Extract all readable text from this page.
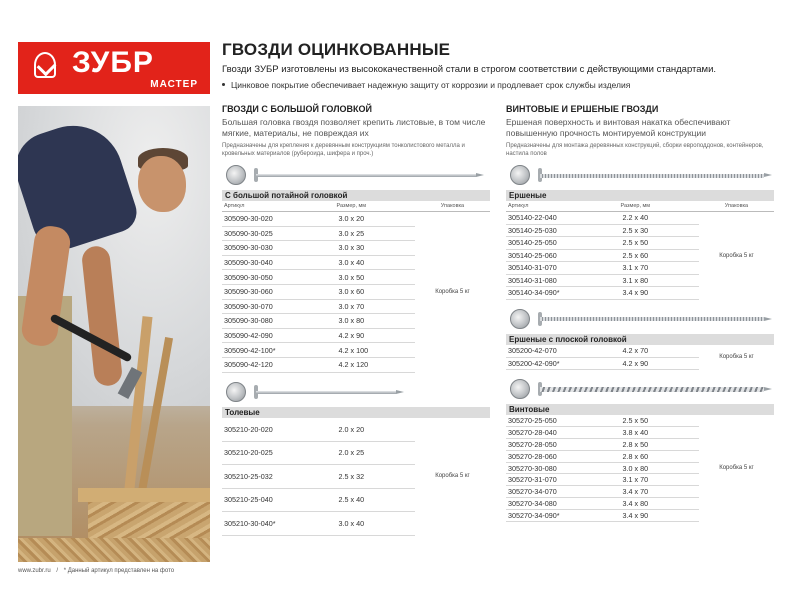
ЗУБР
МАСТЕР
ГВОЗДИ ОЦИНКОВАННЫЕ
Гвозди ЗУБР изготовлены из высококачественной стали в строгом соответствии с действующими стандартами.
Цинковое покрытие обеспечивает надежную защиту от коррозии и продлевает срок службы изделия
ГВОЗДИ С БОЛЬШОЙ ГОЛОВКОЙ
Большая головка гвоздя позволяет крепить листовые, в том числе мягкие, материалы, не повреждая их
Предназначены для крепления к деревянным конструкциям тонколистового металла и кровельных материалов (рубероида, шифера и проч.)
С большой потайной головкой
Артикул	Размер, мм	Упаковка
305090-30-020	3.0 x 20	Коробка 5 кг
305090-30-025	3.0 x 25	
305090-30-030	3.0 x 30	
305090-30-040	3.0 x 40	
305090-30-050	3.0 x 50	
305090-30-060	3.0 x 60	
305090-30-070	3.0 x 70	
305090-30-080	3.0 x 80	
305090-42-090	4.2 x 90	
305090-42-100*	4.2 x 100	
305090-42-120	4.2 x 120	
Толевые
305210-20-020	2.0 x 20	Коробка 5 кг
305210-20-025	2.0 x 25	
305210-25-032	2.5 x 32	
305210-25-040	2.5 x 40	
305210-30-040*	3.0 x 40	
ВИНТОВЫЕ И ЕРШЕНЫЕ ГВОЗДИ
Ершеная поверхность и винтовая накатка обеспечивают повышенную прочность монтируемой конструкции
Предназначены для монтажа деревянных конструкций, сборки европоддонов, контейнеров, настила полов
Ершеные
Артикул	Размер, мм	Упаковка
305140-22-040	2.2 x 40	Коробка 5 кг
305140-25-030	2.5 x 30	
305140-25-050	2.5 x 50	
305140-25-060	2.5 x 60	
305140-31-070	3.1 x 70	
305140-31-080	3.1 x 80	
305140-34-090*	3.4 x 90	
Ершеные с плоской головкой
305200-42-070	4.2 x 70	Коробка 5 кг
305200-42-090*	4.2 x 90	
Винтовые
305270-25-050	2.5 x 50	Коробка 5 кг
305270-28-040	3.8 x 40	
305270-28-050	2.8 x 50	
305270-28-060	2.8 x 60	
305270-30-080	3.0 x 80	
305270-31-070	3.1 x 70	
305270-34-070	3.4 x 70	
305270-34-080	3.4 x 80	
305270-34-090*	3.4 x 90	
www.zubr.ru / * Данный артикул представлен на фото
